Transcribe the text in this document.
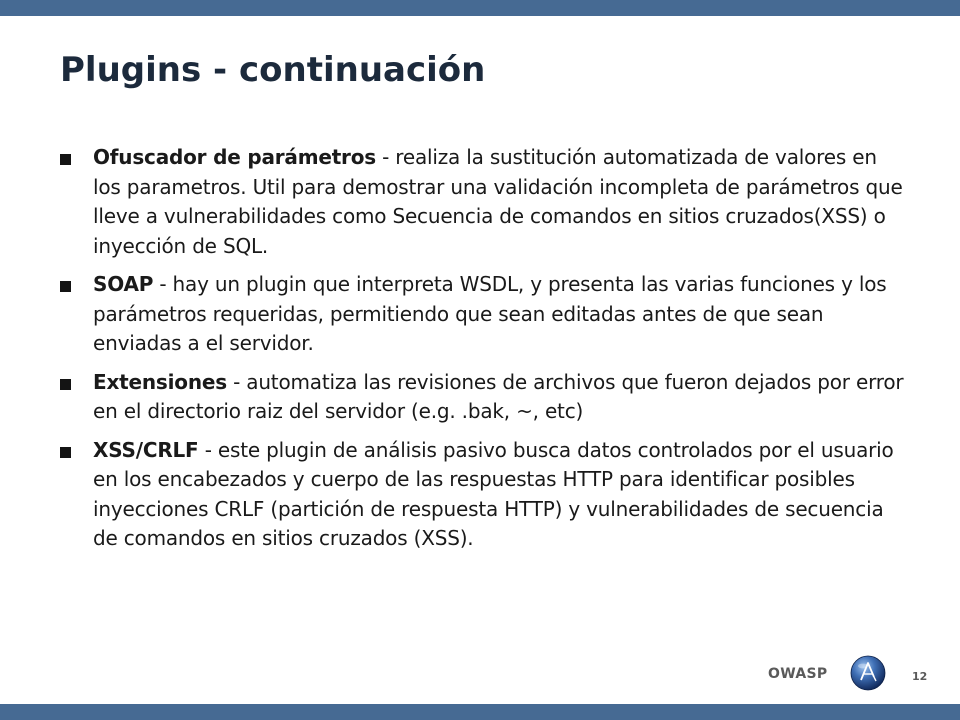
Plugins - continuación
Ofuscador de parámetros - realiza la sustitución automatizada de valores en los parametros. Util para demostrar una validación incompleta de parámetros que lleve a vulnerabilidades como Secuencia de comandos en sitios cruzados(XSS) o inyección de SQL.
SOAP - hay un plugin que interpreta WSDL, y presenta las varias funciones y los parámetros requeridas, permitiendo que sean editadas antes de que sean enviadas a el servidor.
Extensiones - automatiza las revisiones de archivos que fueron dejados por error en el directorio raiz del servidor (e.g. .bak, ~, etc)
XSS/CRLF - este plugin de análisis pasivo busca datos controlados por el usuario en los encabezados y cuerpo de las respuestas HTTP para identificar posibles inyecciones CRLF (partición de respuesta HTTP) y vulnerabilidades de secuencia de comandos en sitios cruzados (XSS).
OWASP	12
